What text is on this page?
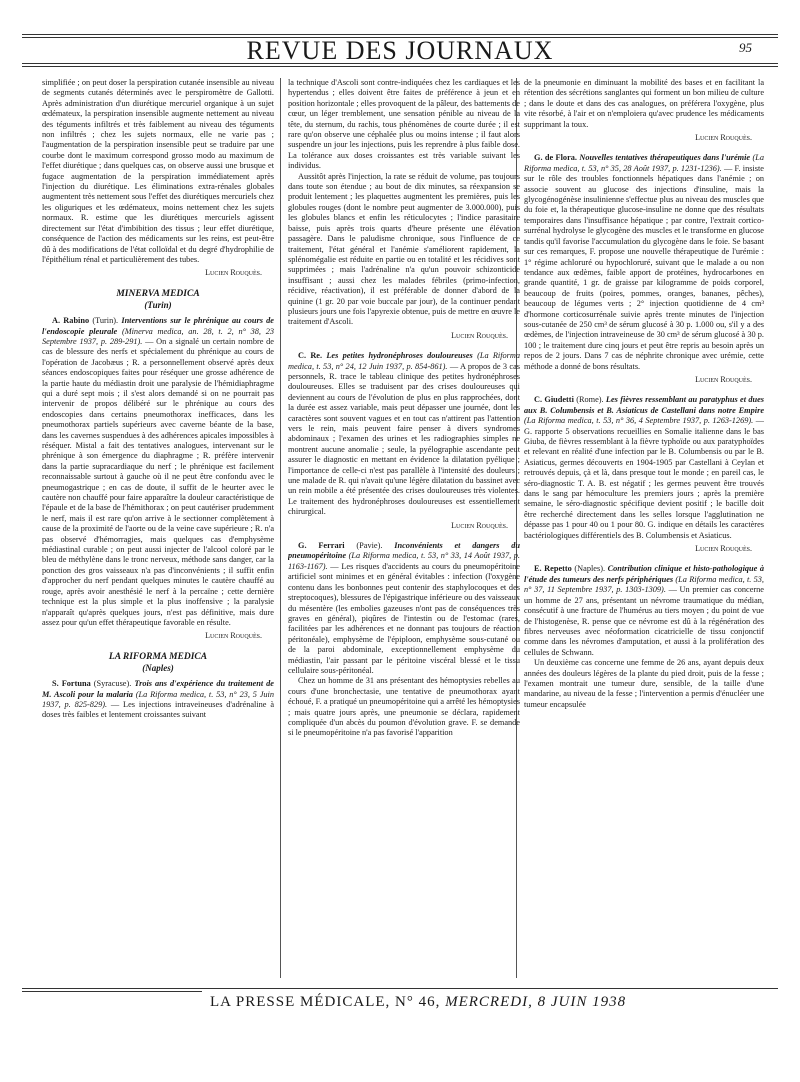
REVUE DES JOURNAUX	95

simplifiée ; on peut doser la perspiration cutanée insensible au niveau de segments cutanés déterminés avec le perspiromètre de Gallotti. Après administration d'un diurétique mercuriel organique à un sujet œdémateux, la perspiration insensible augmente nettement au niveau des téguments infiltrés et très faiblement au niveau des téguments non infiltrés ; chez les sujets normaux, elle ne varie pas ; l'augmentation de la perspiration insensible peut se traduire par une courbe dont le maximum correspond grosso modo au maximum de l'effet diurétique ; dans quelques cas, on observe aussi une brusque et fugace augmentation de la perspiration immédiatement après l'injection du diurétique. Les éliminations extra-rénales globales augmentent très nettement sous l'effet des diurétiques mercuriels chez les oliguriques et les œdémateux, moins nettement chez les sujets normaux. R. estime que les diurétiques mercuriels agissent directement sur l'état d'imbibition des tissus ; leur effet diurétique, conséquence de l'action des médicaments sur les reins, est peut-être dû à des modifications de l'état colloïdal et du degré d'hydrophilie de l'épithélium rénal et particulièrement des tubes.

Lucien Rouquès.
MINERVA MEDICA
(Turin)

A. Rabino (Turin). Interventions sur le phrénique au cours de l'endoscopie pleurale (Minerva medica, an. 28, t. 2, n° 38, 23 Septembre 1937, p. 289-291). — On a signalé un certain nombre de cas de blessure des nerfs et spécialement du phrénique au cours de l'opération de Jacobæus ; R. a personnellement observé après deux séances endoscopiques faites pour réséquer une grosse adhérence de la partie haute du médiastin droit une paralysie de l'hémidiaphragme qui a duré sept mois ; il s'est alors demandé si on ne pourrait pas intervenir de propos délibéré sur le phrénique au cours des endoscopies dans certains pneumothorax inefficaces, dans les pneumothorax partiels supérieurs avec caverne béante de la base, dans les cavernes suspendues à des adhérences apicales impossibles à réséquer. Mistal a fait des tentatives analogues, intervenant sur le phrénique à son émergence du diaphragme ; R. préfère intervenir dans la partie supracardiaque du nerf ; le phrénique est facilement reconnaissable surtout à gauche où il ne peut être confondu avec le pneumogastrique ; en cas de doute, il suffit de le heurter avec le cautère non chauffé pour faire apparaître la douleur caractéristique de l'épaule et de la base de l'hémithorax ; on peut cautériser prudemment le nerf, mais il est rare qu'on arrive à le sectionner complètement à cause de la proximité de l'aorte ou de la veine cave supérieure ; R. n'a pas observé d'hémorragies, mais quelques cas d'emphysème médiastinal curable ; on peut aussi injecter de l'alcool coloré par le bleu de méthylène dans le tronc nerveux, méthode sans danger, car la ponction des gros vaisseaux n'a pas d'inconvénients ; il suffit enfin d'approcher du nerf pendant quelques minutes le cautère chauffé au rouge, après avoir anesthésié le nerf à la percaïne ; cette dernière technique est la plus simple et la plus inoffensive ; la paralysie n'apparaît qu'après quelques jours, n'est pas définitive, mais dure assez pour qu'un effet thérapeutique favorable en résulte.

Lucien Rouquès.
LA RIFORMA MEDICA
(Naples)

S. Fortuna (Syracuse). Trois ans d'expérience du traitement de M. Ascoli pour la malaria (La Riforma medica, t. 53, n° 23, 5 Juin 1937, p. 825-829). — Les injections intraveineuses d'adrénaline à doses très faibles et lentement croissantes suivant

la technique d'Ascoli sont contre-indiquées chez les cardiaques et les hypertendus ; elles doivent être faites de préférence à jeun et en position horizontale ; elles provoquent de la pâleur, des battements de cœur, un léger tremblement, une sensation pénible au niveau de la tête, du sternum, du rachis, tous phénomènes de courte durée ; il est rare qu'on observe une céphalée plus ou moins intense ; il faut alors suspendre un jour les injections, puis les reprendre à plus faible dose. La tolérance aux doses croissantes est très variable suivant les individus.

Aussitôt après l'injection, la rate se réduit de volume, pas toujours dans toute son étendue ; au bout de dix minutes, sa réexpansion se produit lentement ; les plaquettes augmentent les premières, puis les globules rouges (dont le nombre peut augmenter de 3.000.000), puis les globules blancs et enfin les réticulocytes ; l'indice parasitaire baisse, puis après trois quarts d'heure présente une élévation passagère. Dans le paludisme chronique, sous l'influence de ce traitement, l'état général et l'anémie s'améliorent rapidement, la splénomégalie est réduite en partie ou en totalité et les récidives sont supprimées ; mais l'adrénaline n'a qu'un pouvoir schizonticide insuffisant ; aussi chez les malades fébriles (primo-infection, récidive, réactivation), il est préférable de donner d'abord de la quinine (1 gr. 20 par voie buccale par jour), de la continuer pendant plusieurs jours une fois l'apyrexie obtenue, puis de mettre en œuvre le traitement d'Ascoli.

Lucien Rouquès.

C. Re. Les petites hydronéphroses douloureuses (La Riforma medica, t. 53, n° 24, 12 Juin 1937, p. 854-861). — A propos de 3 cas personnels, R. trace le tableau clinique des petites hydronéphroses douloureuses. Elles se traduisent par des crises douloureuses qui deviennent au cours de l'évolution de plus en plus rapprochées, dont la durée est assez variable, mais peut dépasser une journée, dont les caractères sont souvent vagues et en tout cas n'attirent pas l'attention vers le rein, mais peuvent faire penser à divers syndromes abdominaux ; l'examen des urines et les radiographies simples ne montrent aucune anomalie ; seule, la pyélographie ascendante peut assurer le diagnostic en mettant en évidence la dilatation pyélique ; l'importance de celle-ci n'est pas parallèle à l'intensité des douleurs ; une malade de R. qui n'avait qu'une légère dilatation du bassinet avec un rein mobile a été présentée des crises douloureuses très violentes. Le traitement des hydronéphroses douloureuses est essentiellement chirurgical.

Lucien Rouquès.

G. Ferrari (Pavie). Inconvénients et dangers du pneumopéritoine (La Riforma medica, t. 53, n° 33, 14 Août 1937, p. 1163-1167). — Les risques d'accidents au cours du pneumopéritoine artificiel sont minimes et en général évitables : infection (l'oxygène contenu dans les bonbonnes peut contenir des staphylocoques et des streptocoques), blessures de l'épigastrique inférieure ou des vaisseaux du mésentère (les embolies gazeuses n'ont pas de conséquences très graves en général), piqûres de l'intestin ou de l'estomac (rares, facilitées par les adhérences et ne donnant pas toujours de réaction péritonéale), emphysème de l'épiploon, emphysème sous-cutané ou de la paroi abdominale, exceptionnellement emphysème du médiastin, l'air passant par le péritoine viscéral blessé et le tissu cellulaire sous-péritonéal.

Chez un homme de 31 ans présentant des hémoptysies rebelles au cours d'une bronchectasie, une tentative de pneumothorax ayant échoué, F. a pratiqué un pneumopéritoine qui a arrêté les hémoptysies ; mais quatre jours après, une pneumonie se déclara, rapidement compliquée d'un abcès du poumon d'évolution grave. F. se demande si le pneumopéritoine n'a pas favorisé l'apparition

de la pneumonie en diminuant la mobilité des bases et en facilitant la rétention des sécrétions sanglantes qui forment un bon milieu de culture ; dans le doute et dans des cas analogues, on préférera l'oxygène, plus vite résorbé, à l'air et on n'emploiera qu'avec prudence les médicaments supprimant la toux.

Lucien Rouquès.

G. de Flora. Nouvelles tentatives thérapeutiques dans l'urémie (La Riforma medica, t. 53, n° 35, 28 Août 1937, p. 1231-1236). — F. insiste sur le rôle des troubles fonctionnels hépatiques dans l'anémie ; on associe souvent au glucose des injections d'insuline, mais la glycogénogénèse insulinienne s'effectue plus au niveau des muscles que du foie et, la thérapeutique glucose-insuline ne donne que des résultats temporaires dans l'insuffisance hépatique ; par contre, l'extrait cortico-surrénal hydrolyse le glycogène des muscles et le transforme en glucose tandis qu'il favorise l'accumulation du glycogène dans le foie. Se basant sur ces remarques, F. propose une nouvelle thérapeutique de l'urémie : 1° régime achloruré ou hypochloruré, suivant que le malade a ou non tendance aux œdèmes, faible apport de protéines, hydrocarbones en grande quantité, 1 gr. de graisse par kilogramme de poids corporel, beaucoup de fruits (poires, pommes, oranges, bananes, pêches), beaucoup de légumes verts ; 2° injection quotidienne de 4 cm³ d'hormone corticosurrénale suivie après trente minutes de l'injection sous-cutanée de 250 cm³ de sérum glucosé à 30 p. 1.000 ou, s'il y a des œdèmes, de l'injection intraveineuse de 30 cm³ de sérum glucosé à 30 p. 100 ; le traitement dure cinq jours et peut être repris au besoin après un repos de 2 jours. Dans 7 cas de néphrite chronique avec urémie, cette méthode a donné de bons résultats.

Lucien Rouquès.

C. Giudetti (Rome). Les fièvres ressemblant au paratyphus et dues aux B. Columbensis et B. Asiaticus de Castellani dans notre Empire (La Riforma medica, t. 53, n° 36, 4 Septembre 1937, p. 1263-1269). — G. rapporte 5 observations recueillies en Somalie italienne dans le bas Giuba, de fièvres ressemblant à la fièvre typhoïde ou aux paratyphoïdes et relevant en réalité d'une infection par le B. Columbensis ou par le B. Asiaticus, germes découverts en 1904-1905 par Castellani à Ceylan et retrouvés depuis, çà et là, dans presque tout le monde ; en pareil cas, le séro-diagnostic T. A. B. est négatif ; les germes peuvent être trouvés dans le sang par hémoculture les premiers jours ; après la première semaine, le séro-diagnostic spécifique devient positif ; le bacille doit être recherché directement dans les selles lorsque l'agglutination ne dépasse pas 1 pour 40 ou 1 pour 80. G. indique en détails les caractères bactériologiques différentiels des B. Columbensis et Asiaticus.

Lucien Rouquès.

E. Repetto (Naples). Contribution clinique et histo-pathologique à l'étude des tumeurs des nerfs périphériques (La Riforma medica, t. 53, n° 37, 11 Septembre 1937, p. 1303-1309). — Un premier cas concerne un homme de 27 ans, présentant un névrome traumatique du médian, consécutif à une fracture de l'humérus au tiers moyen ; du point de vue de l'histogenèse, R. pense que ce névrome est dû à la régénération des fibres nerveuses avec néoformation cicatricielle de tissu conjonctif comme dans les névromes d'amputation, et aussi à la prolifération des cellules de Schwann.

Un deuxième cas concerne une femme de 26 ans, ayant depuis deux années des douleurs légères de la plante du pied droit, puis de la fesse ; l'examen montrait une tumeur dure, sensible, de la taille d'une mandarine, au niveau de la fesse ; l'intervention a permis d'énucléer une tumeur encapsulée

LA PRESSE MÉDICALE, N° 46, MERCREDI, 8 JUIN 1938
